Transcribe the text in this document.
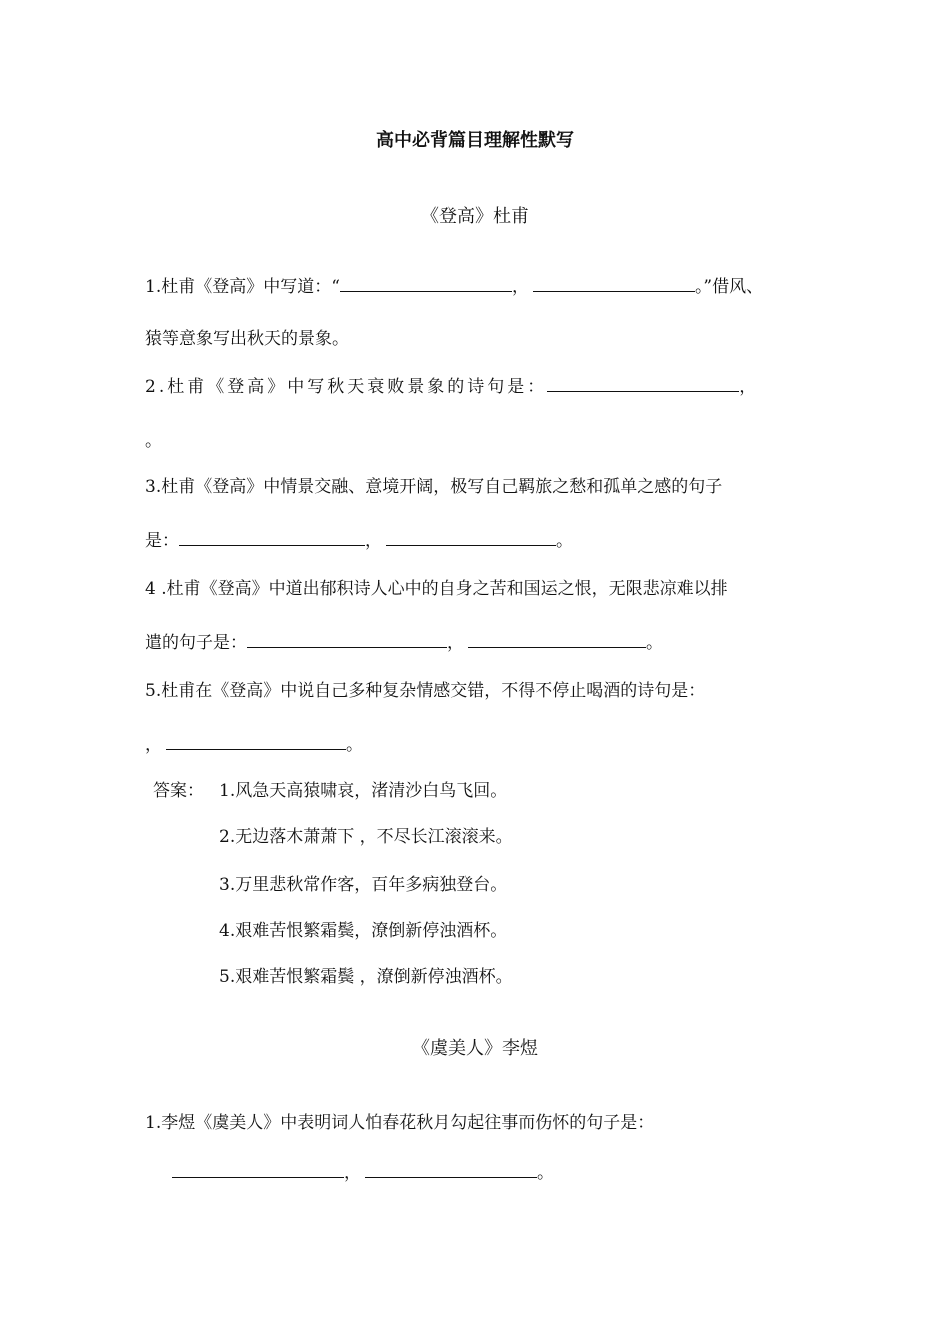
高中必背篇目理解性默写
《登高》杜甫
1.杜甫《登高》中写道：“	，	。”借风、
猿等意象写出秋天的景象。
2.杜甫《登高》中写秋天衰败景象的诗句是：	，
。
3.杜甫《登高》中情景交融、意境开阔，极写自己羁旅之愁和孤单之感的句子
是：	，	。
4 .杜甫《登高》中道出郁积诗人心中的自身之苦和国运之恨，无限悲凉难以排
遣的句子是：	，	。
5.杜甫在《登高》中说自己多种复杂情感交错，不得不停止喝酒的诗句是：
，	。
答案： 1.风急天高猿啸哀，渚清沙白鸟飞回。
2.无边落木萧萧下 ，不尽长江滚滚来。
3.万里悲秋常作客，百年多病独登台。
4.艰难苦恨繁霜鬓，潦倒新停浊酒杯。
5.艰难苦恨繁霜鬓 ，潦倒新停浊酒杯。
《虞美人》李煜
1.李煜《虞美人》中表明词人怕春花秋月勾起往事而伤怀的句子是：
，	。
